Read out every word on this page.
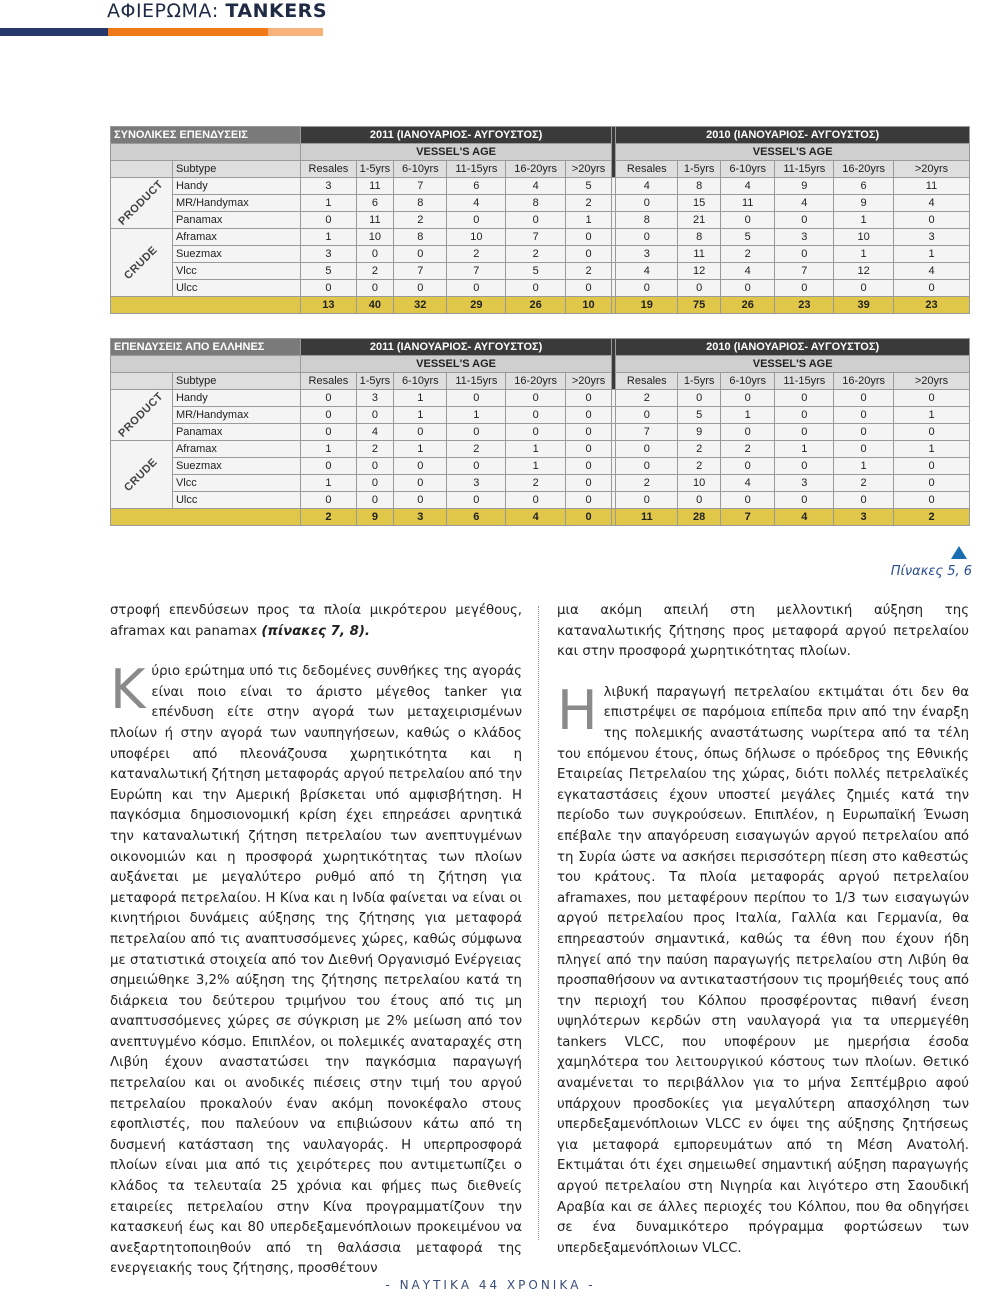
ΑΦΙΕΡΩΜΑ: TANKERS
ΣΥΝΟΛΙΚΕΣ ΕΠΕΝΔΥΣΕΙΣ		2011 (ΙΑΝΟΥΑΡΙΟΣ- ΑΥΓΟΥΣΤΟΣ)							2010 (ΙΑΝΟΥΑΡΙΟΣ- ΑΥΓΟΥΣΤΟΣ)					
		VESSEL'S AGE							VESSEL'S AGE					
	Subtype	Resales	1-5yrs	6-10yrs	11-15yrs	16-20yrs	>20yrs		Resales	1-5yrs	6-10yrs	11-15yrs	16-20yrs	>20yrs

PRODUCT	Handy	3	11	7	6	4	5		4	8	4	9	6	11
	MR/Handymax	1	6	8	4	8	2		0	15	11	4	9	4
	Panamax	0	11	2	0	0	1		8	21	0	0	1	0

CRUDE	Aframax	1	10	8	10	7	0		0	8	5	3	10	3
	Suezmax	3	0	0	2	2	0		3	11	2	0	1	1
	Vlcc	5	2	7	7	5	2		4	12	4	7	12	4
	Ulcc	0	0	0	0	0	0		0	0	0	0	0	0
		13	40	32	29	26	10		19	75	26	23	39	23
ΕΠΕΝΔΥΣΕΙΣ ΑΠΟ ΕΛΛΗΝΕΣ		2011 (ΙΑΝΟΥΑΡΙΟΣ- ΑΥΓΟΥΣΤΟΣ)							2010 (ΙΑΝΟΥΑΡΙΟΣ- ΑΥΓΟΥΣΤΟΣ)					
		VESSEL'S AGE							VESSEL'S AGE					
	Subtype	Resales	1-5yrs	6-10yrs	11-15yrs	16-20yrs	>20yrs		Resales	1-5yrs	6-10yrs	11-15yrs	16-20yrs	>20yrs

PRODUCT	Handy	0	3	1	0	0	0		2	0	0	0	0	0
	MR/Handymax	0	0	1	1	0	0		0	5	1	0	0	1
	Panamax	0	4	0	0	0	0		7	9	0	0	0	0

CRUDE	Aframax	1	2	1	2	1	0		0	2	2	1	0	1
	Suezmax	0	0	0	0	1	0		0	2	0	0	1	0
	Vlcc	1	0	0	3	2	0		2	10	4	3	2	0
	Ulcc	0	0	0	0	0	0		0	0	0	0	0	0
		2	9	3	6	4	0		11	28	7	4	3	2
Πίνακες 5, 6

στροφή επενδύσεων προς τα πλοία μικρότερου μεγέθους, aframax και panamax (πίνακες 7, 8).

Κύριο ερώτημα υπό τις δεδομένες συνθήκες της αγοράς είναι ποιο είναι το άριστο μέγεθος tanker για επένδυση είτε στην αγορά των μεταχειρισμένων πλοίων ή στην αγορά των ναυπηγήσεων, καθώς ο κλάδος υποφέρει από πλεονάζουσα χωρητικότητα και η καταναλωτική ζήτηση μεταφοράς αργού πετρελαίου από την Ευρώπη και την Αμερική βρίσκεται υπό αμφισβήτηση. Η παγκόσμια δημοσιονομική κρίση έχει επηρεάσει αρνητικά την καταναλωτική ζήτηση πετρελαίου των ανεπτυγμένων οικονομιών και η προσφορά χωρητικότητας των πλοίων αυξάνεται με μεγαλύτερο ρυθμό από τη ζήτηση για μεταφορά πετρελαίου. Η Κίνα και η Ινδία φαίνεται να είναι οι κινητήριοι δυνάμεις αύξησης της ζήτησης για μεταφορά πετρελαίου από τις αναπτυσσόμενες χώρες, καθώς σύμφωνα με στατιστικά στοιχεία από τον Διεθνή Οργανισμό Ενέργειας σημειώθηκε 3,2% αύξηση της ζήτησης πετρελαίου κατά τη διάρκεια του δεύτερου τριμήνου του έτους από τις μη αναπτυσσόμενες χώρες σε σύγκριση με 2% μείωση από τον ανεπτυγμένο κόσμο. Επιπλέον, οι πολεμικές αναταραχές στη Λιβύη έχουν αναστατώσει την παγκόσμια παραγωγή πετρελαίου και οι ανοδικές πιέσεις στην τιμή του αργού πετρελαίου προκαλούν έναν ακόμη πονοκέφαλο στους εφοπλιστές, που παλεύουν να επιβιώσουν κάτω από τη δυσμενή κατάσταση της ναυλαγοράς. Η υπερπροσφορά πλοίων είναι μια από τις χειρότερες που αντιμετωπίζει ο κλάδος τα τελευταία 25 χρόνια και φήμες πως διεθνείς εταιρείες πετρελαίου στην Κίνα προγραμματίζουν την κατασκευή έως και 80 υπερδεξαμενόπλοιων προκειμένου να ανεξαρτητοποιηθούν από τη θαλάσσια μεταφορά της ενεργειακής τους ζήτησης, προσθέτουν

μια ακόμη απειλή στη μελλοντική αύξηση της καταναλωτικής ζήτησης προς μεταφορά αργού πετρελαίου και στην προσφορά χωρητικότητας πλοίων.

Η λιβυκή παραγωγή πετρελαίου εκτιμάται ότι δεν θα επιστρέψει σε παρόμοια επίπεδα πριν από την έναρξη της πολεμικής αναστάτωσης νωρίτερα από τα τέλη του επόμενου έτους, όπως δήλωσε ο πρόεδρος της Εθνικής Εταιρείας Πετρελαίου της χώρας, διότι πολλές πετρελαϊκές εγκαταστάσεις έχουν υποστεί μεγάλες ζημιές κατά την περίοδο των συγκρούσεων. Επιπλέον, η Ευρωπαϊκή Ένωση επέβαλε την απαγόρευση εισαγωγών αργού πετρελαίου από τη Συρία ώστε να ασκήσει περισσότερη πίεση στο καθεστώς του κράτους. Τα πλοία μεταφοράς αργού πετρελαίου aframaxes, που μεταφέρουν περίπου το 1/3 των εισαγωγών αργού πετρελαίου προς Ιταλία, Γαλλία και Γερμανία, θα επηρεαστούν σημαντικά, καθώς τα έθνη που έχουν ήδη πληγεί από την παύση παραγωγής πετρελαίου στη Λιβύη θα προσπαθήσουν να αντικαταστήσουν τις προμήθειές τους από την περιοχή του Κόλπου προσφέροντας πιθανή ένεση υψηλότερων κερδών στη ναυλαγορά για τα υπερμεγέθη tankers VLCC, που υποφέρουν με ημερήσια έσοδα χαμηλότερα του λειτουργικού κόστους των πλοίων. Θετικό αναμένεται το περιβάλλον για το μήνα Σεπτέμβριο αφού υπάρχουν προσδοκίες για μεγαλύτερη απασχόληση των υπερδεξαμενόπλοιων VLCC εν όψει της αύξησης ζητήσεως για μεταφορά εμπορευμάτων από τη Μέση Ανατολή. Εκτιμάται ότι έχει σημειωθεί σημαντική αύξηση παραγωγής αργού πετρελαίου στη Νιγηρία και λιγότερο στη Σαουδική Αραβία και σε άλλες περιοχές του Κόλπου, που θα οδηγήσει σε ένα δυναμικότερο πρόγραμμα φορτώσεων των υπερδεξαμενόπλοιων VLCC.

- ΝΑΥΤΙΚΑ 44 ΧΡΟΝΙΚΑ -
